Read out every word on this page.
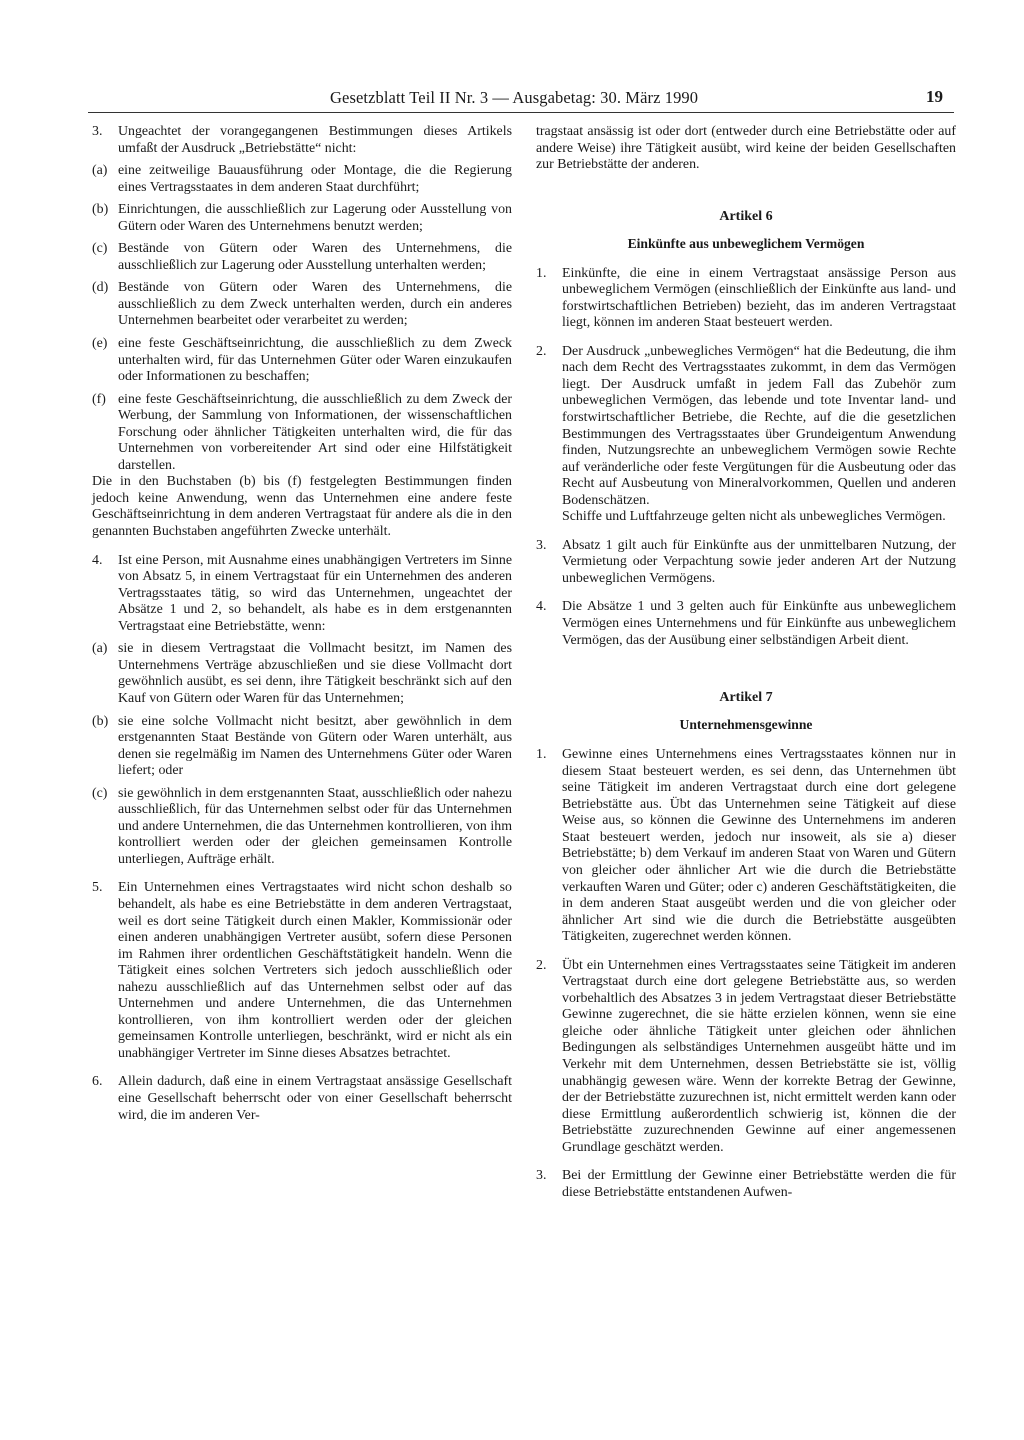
Gesetzblatt Teil II Nr. 3 — Ausgabetag: 30. März 1990	19
3.	Ungeachtet der vorangegangenen Bestimmungen dieses Artikels umfaßt der Ausdruck „Betriebstätte“ nicht:
(a) eine zeitweilige Bauausführung oder Montage, die die Regierung eines Vertragsstaates in dem anderen Staat durchführt;
(b) Einrichtungen, die ausschließlich zur Lagerung oder Ausstellung von Gütern oder Waren des Unternehmens benutzt werden;
(c) Bestände von Gütern oder Waren des Unternehmens, die ausschließlich zur Lagerung oder Ausstellung unterhalten werden;
(d) Bestände von Gütern oder Waren des Unternehmens, die ausschließlich zu dem Zweck unterhalten werden, durch ein anderes Unternehmen bearbeitet oder verarbeitet zu werden;
(e) eine feste Geschäftseinrichtung, die ausschließlich zu dem Zweck unterhalten wird, für das Unternehmen Güter oder Waren einzukaufen oder Informationen zu beschaffen;
(f) eine feste Geschäftseinrichtung, die ausschließlich zu dem Zweck der Werbung, der Sammlung von Informationen, der wissenschaftlichen Forschung oder ähnlicher Tätigkeiten unterhalten wird, die für das Unternehmen von vorbereitender Art sind oder eine Hilfstätigkeit darstellen.

Die in den Buchstaben (b) bis (f) festgelegten Bestimmungen finden jedoch keine Anwendung, wenn das Unternehmen eine andere feste Geschäftseinrichtung in dem anderen Vertragstaat für andere als die in den genannten Buchstaben angeführten Zwecke unterhält.

4.	Ist eine Person, mit Ausnahme eines unabhängigen Vertreters im Sinne von Absatz 5, in einem Vertragstaat für ein Unternehmen des anderen Vertragsstaates tätig, so wird das Unternehmen, ungeachtet der Absätze 1 und 2, so behandelt, als habe es in dem erstgenannten Vertragstaat eine Betriebstätte, wenn:
(a) sie in diesem Vertragstaat die Vollmacht besitzt, im Namen des Unternehmens Verträge abzuschließen und sie diese Vollmacht dort gewöhnlich ausübt, es sei denn, ihre Tätigkeit beschränkt sich auf den Kauf von Gütern oder Waren für das Unternehmen;
(b) sie eine solche Vollmacht nicht besitzt, aber gewöhnlich in dem erstgenannten Staat Bestände von Gütern oder Waren unterhält, aus denen sie regelmäßig im Namen des Unternehmens Güter oder Waren liefert; oder
(c) sie gewöhnlich in dem erstgenannten Staat, ausschließlich oder nahezu ausschließlich, für das Unternehmen selbst oder für das Unternehmen und andere Unternehmen, die das Unternehmen kontrollieren, von ihm kontrolliert werden oder der gleichen gemeinsamen Kontrolle unterliegen, Aufträge erhält.
5.	Ein Unternehmen eines Vertragstaates wird nicht schon deshalb so behandelt, als habe es eine Betriebstätte in dem anderen Vertragstaat, weil es dort seine Tätigkeit durch einen Makler, Kommissionär oder einen anderen unabhängigen Vertreter ausübt, sofern diese Personen im Rahmen ihrer ordentlichen Geschäftstätigkeit handeln. Wenn die Tätigkeit eines solchen Vertreters sich jedoch ausschließlich oder nahezu ausschließlich auf das Unternehmen selbst oder auf das Unternehmen und andere Unternehmen, die das Unternehmen kontrollieren, von ihm kontrolliert werden oder der gleichen gemeinsamen Kontrolle unterliegen, beschränkt, wird er nicht als ein unabhängiger Vertreter im Sinne dieses Absatzes betrachtet.
6.	Allein dadurch, daß eine in einem Vertragstaat ansässige Gesellschaft eine Gesellschaft beherrscht oder von einer Gesellschaft beherrscht wird, die im anderen Ver-

tragstaat ansässig ist oder dort (entweder durch eine Betriebstätte oder auf andere Weise) ihre Tätigkeit ausübt, wird keine der beiden Gesellschaften zur Betriebstätte der anderen.

Artikel 6
Einkünfte aus unbeweglichem Vermögen
1.	Einkünfte, die eine in einem Vertragstaat ansässige Person aus unbeweglichem Vermögen (einschließlich der Einkünfte aus land- und forstwirtschaftlichen Betrieben) bezieht, das im anderen Vertragstaat liegt, können im anderen Staat besteuert werden.
2.	Der Ausdruck „unbewegliches Vermögen“ hat die Bedeutung, die ihm nach dem Recht des Vertragsstaates zukommt, in dem das Vermögen liegt. Der Ausdruck umfaßt in jedem Fall das Zubehör zum unbeweglichen Vermögen, das lebende und tote Inventar land- und forstwirtschaftlicher Betriebe, die Rechte, auf die die gesetzlichen Bestimmungen des Vertragsstaates über Grundeigentum Anwendung finden, Nutzungsrechte an unbeweglichem Vermögen sowie Rechte auf veränderliche oder feste Vergütungen für die Ausbeutung oder das Recht auf Ausbeutung von Mineralvorkommen, Quellen und anderen Bodenschätzen.
Schiffe und Luftfahrzeuge gelten nicht als unbewegliches Vermögen.
3.	Absatz 1 gilt auch für Einkünfte aus der unmittelbaren Nutzung, der Vermietung oder Verpachtung sowie jeder anderen Art der Nutzung unbeweglichen Vermögens.
4.	Die Absätze 1 und 3 gelten auch für Einkünfte aus unbeweglichem Vermögen eines Unternehmens und für Einkünfte aus unbeweglichem Vermögen, das der Ausübung einer selbständigen Arbeit dient.
Artikel 7
Unternehmensgewinne
1.	Gewinne eines Unternehmens eines Vertragsstaates können nur in diesem Staat besteuert werden, es sei denn, das Unternehmen übt seine Tätigkeit im anderen Vertragstaat durch eine dort gelegene Betriebstätte aus. Übt das Unternehmen seine Tätigkeit auf diese Weise aus, so können die Gewinne des Unternehmens im anderen Staat besteuert werden, jedoch nur insoweit, als sie a) dieser Betriebstätte; b) dem Verkauf im anderen Staat von Waren und Gütern von gleicher oder ähnlicher Art wie die durch die Betriebstätte verkauften Waren und Güter; oder c) anderen Geschäftstätigkeiten, die in dem anderen Staat ausgeübt werden und die von gleicher oder ähnlicher Art sind wie die durch die Betriebstätte ausgeübten Tätigkeiten, zugerechnet werden können.
2.	Übt ein Unternehmen eines Vertragsstaates seine Tätigkeit im anderen Vertragstaat durch eine dort gelegene Betriebstätte aus, so werden vorbehaltlich des Absatzes 3 in jedem Vertragstaat dieser Betriebstätte Gewinne zugerechnet, die sie hätte erzielen können, wenn sie eine gleiche oder ähnliche Tätigkeit unter gleichen oder ähnlichen Bedingungen als selbständiges Unternehmen ausgeübt hätte und im Verkehr mit dem Unternehmen, dessen Betriebstätte sie ist, völlig unabhängig gewesen wäre. Wenn der korrekte Betrag der Gewinne, der der Betriebstätte zuzurechnen ist, nicht ermittelt werden kann oder diese Ermittlung außerordentlich schwierig ist, können die der Betriebstätte zuzurechnenden Gewinne auf einer angemessenen Grundlage geschätzt werden.
3.	Bei der Ermittlung der Gewinne einer Betriebstätte werden die für diese Betriebstätte entstandenen Aufwen-
